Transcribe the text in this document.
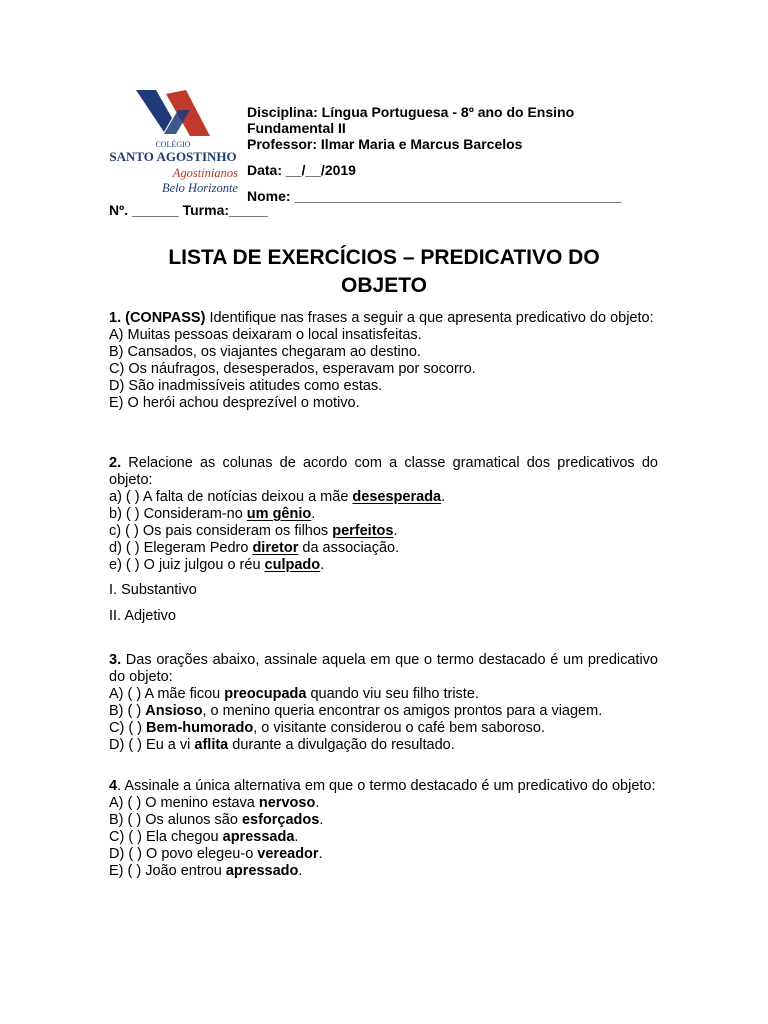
COLÉGIO
SANTO AGOSTINHO
Agostinianos
Belo Horizonte
Disciplina: Língua Portuguesa - 8º ano do Ensino
Fundamental II
Professor: Ilmar Maria e Marcus Barcelos
Data: __/__/2019
Nome: __________________________________________
Nº. ______ Turma:_____
LISTA DE EXERCÍCIOS – PREDICATIVO DO
OBJETO

1. (CONPASS) Identifique nas frases a seguir a que apresenta predicativo do objeto:

A) Muitas pessoas deixaram o local insatisfeitas.

B) Cansados, os viajantes chegaram ao destino.

C) Os náufragos, desesperados, esperavam por socorro.

D) São inadmissíveis atitudes como estas.

E) O herói achou desprezível o motivo.

2. Relacione as colunas de acordo com a classe gramatical dos predicativos do objeto:

a) ( ) A falta de notícias deixou a mãe desesperada.

b) ( ) Consideram-no um gênio.

c) ( ) Os pais consideram os filhos perfeitos.

d) ( ) Elegeram Pedro diretor da associação.

e) ( ) O juiz julgou o réu culpado.

I. Substantivo
II. Adjetivo

3. Das orações abaixo, assinale aquela em que o termo destacado é um predicativo do objeto:

A) ( ) A mãe ficou preocupada quando viu seu filho triste.

B) ( ) Ansioso, o menino queria encontrar os amigos prontos para a viagem.

C) ( ) Bem-humorado, o visitante considerou o café bem saboroso.

D) ( ) Eu a vi aflita durante a divulgação do resultado.

4. Assinale a única alternativa em que o termo destacado é um predicativo do objeto:

A) ( ) O menino estava nervoso.

B) ( ) Os alunos são esforçados.

C) ( ) Ela chegou apressada.

D) ( ) O povo elegeu-o vereador.

E) ( ) João entrou apressado.
